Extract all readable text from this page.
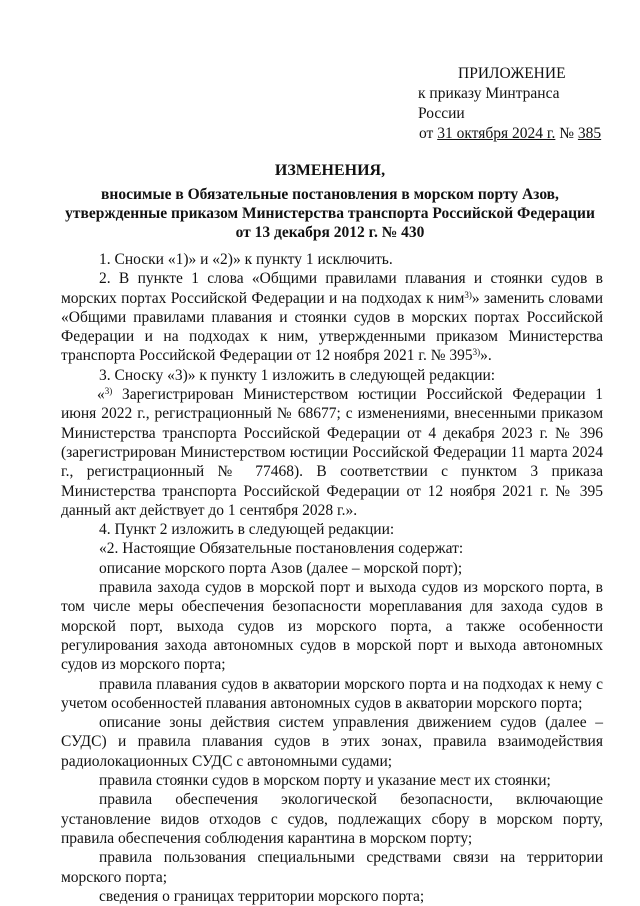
ПРИЛОЖЕНИЕ
к приказу Минтранса России
от 31 октября 2024 г. № 385
ИЗМЕНЕНИЯ,
вносимые в Обязательные постановления в морском порту Азов,
утвержденные приказом Министерства транспорта Российской Федерации
от 13 декабря 2012 г. № 430

1. Сноски «1)» и «2)» к пункту 1 исключить.

2. В пункте 1 слова «Общими правилами плавания и стоянки судов в морских портах Российской Федерации и на подходах к ним$^{3)}$» заменить словами «Общими правилами плавания и стоянки судов в морских портах Российской Федерации и на подходах к ним, утвержденными приказом Министерства транспорта Российской Федерации от 12 ноября 2021 г. № 395$^{3)}$».

3. Сноску «3)» к пункту 1 изложить в следующей редакции:

«$^{3)}$ Зарегистрирован Министерством юстиции Российской Федерации 1 июня 2022 г., регистрационный № 68677; с изменениями, внесенными приказом Министерства транспорта Российской Федерации от 4 декабря 2023 г. № 396 (зарегистрирован Министерством юстиции Российской Федерации 11 марта 2024 г., регистрационный № 77468). В соответствии с пунктом 3 приказа Министерства транспорта Российской Федерации от 12 ноября 2021 г. № 395 данный акт действует до 1 сентября 2028 г.».

4. Пункт 2 изложить в следующей редакции:

«2. Настоящие Обязательные постановления содержат:

описание морского порта Азов (далее – морской порт);

правила захода судов в морской порт и выхода судов из морского порта, в том числе меры обеспечения безопасности мореплавания для захода судов в морской порт, выхода судов из морского порта, а также особенности регулирования захода автономных судов в морской порт и выхода автономных судов из морского порта;

правила плавания судов в акватории морского порта и на подходах к нему с учетом особенностей плавания автономных судов в акватории морского порта;

описание зоны действия систем управления движением судов (далее – СУДС) и правила плавания судов в этих зонах, правила взаимодействия радиолокационных СУДС с автономными судами;

правила стоянки судов в морском порту и указание мест их стоянки;

правила обеспечения экологической безопасности, включающие установление видов отходов с судов, подлежащих сбору в морском порту, правила обеспечения соблюдения карантина в морском порту;

правила пользования специальными средствами связи на территории морского порта;

сведения о границах территории морского порта;
